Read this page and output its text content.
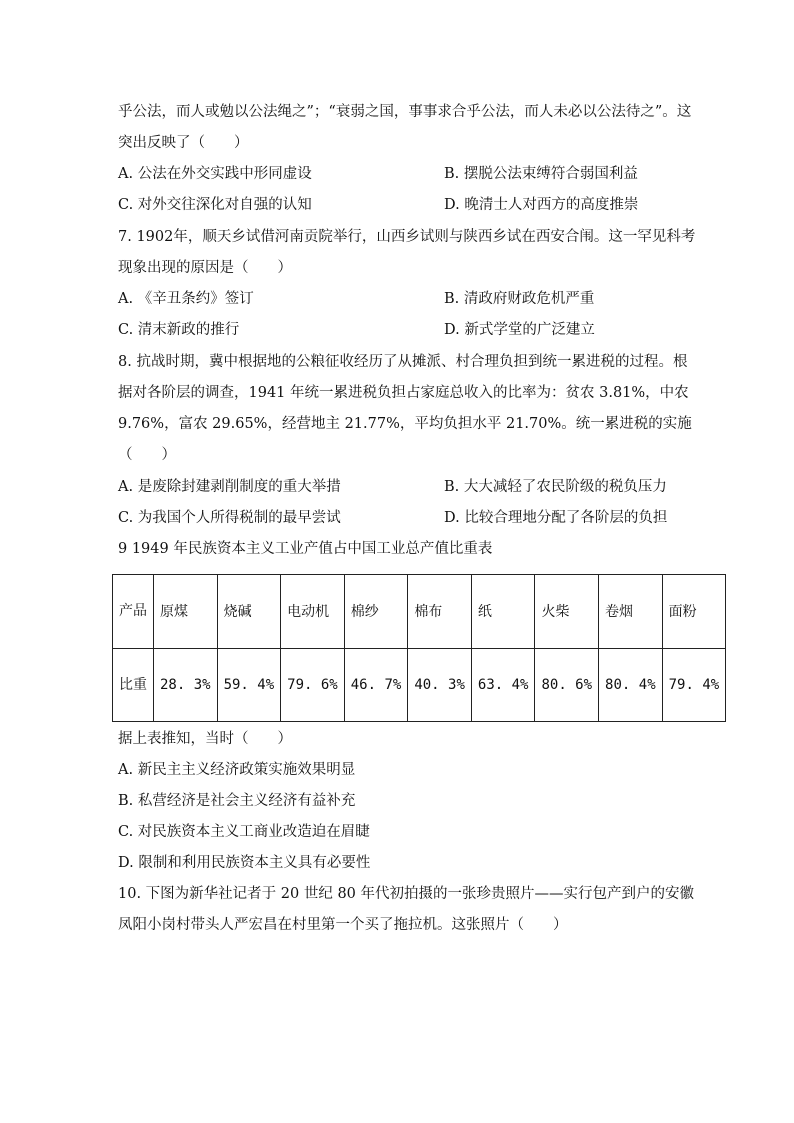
乎公法，而人或勉以公法绳之”；“衰弱之国，事事求合乎公法，而人未必以公法待之”。这
突出反映了（　　）
A. 公法在外交实践中形同虚设	B. 摆脱公法束缚符合弱国利益
C. 对外交往深化对自强的认知	D. 晚清士人对西方的高度推崇
7. 1902年，顺天乡试借河南贡院举行，山西乡试则与陕西乡试在西安合闱。这一罕见科考
现象出现的原因是（　　）
A. 《辛丑条约》签订	B. 清政府财政危机严重
C. 清末新政的推行	D. 新式学堂的广泛建立
8. 抗战时期，冀中根据地的公粮征收经历了从摊派、村合理负担到统一累进税的过程。根
据对各阶层的调查，1941 年统一累进税负担占家庭总收入的比率为：贫农 3.81%，中农
9.76%，富农 29.65%，经营地主 21.77%，平均负担水平 21.70%。统一累进税的实施
（　　）
A. 是废除封建剥削制度的重大举措	B. 大大减轻了农民阶级的税负压力
C. 为我国个人所得税制的最早尝试	D. 比较合理地分配了各阶层的负担
9 1949 年民族资本主义工业产值占中国工业总产值比重表
产品	原煤	烧碱	电动机	棉纱	棉布	纸	火柴	卷烟	面粉
比重	28. 3%	59. 4%	79. 6%	46. 7%	40. 3%	63. 4%	80. 6%	80. 4%	79. 4%
据上表推知，当时（　　）
A. 新民主主义经济政策实施效果明显
B. 私营经济是社会主义经济有益补充
C. 对民族资本主义工商业改造迫在眉睫
D. 限制和利用民族资本主义具有必要性
10. 下图为新华社记者于 20 世纪 80 年代初拍摄的一张珍贵照片——实行包产到户的安徽
凤阳小岗村带头人严宏昌在村里第一个买了拖拉机。这张照片（　　）
